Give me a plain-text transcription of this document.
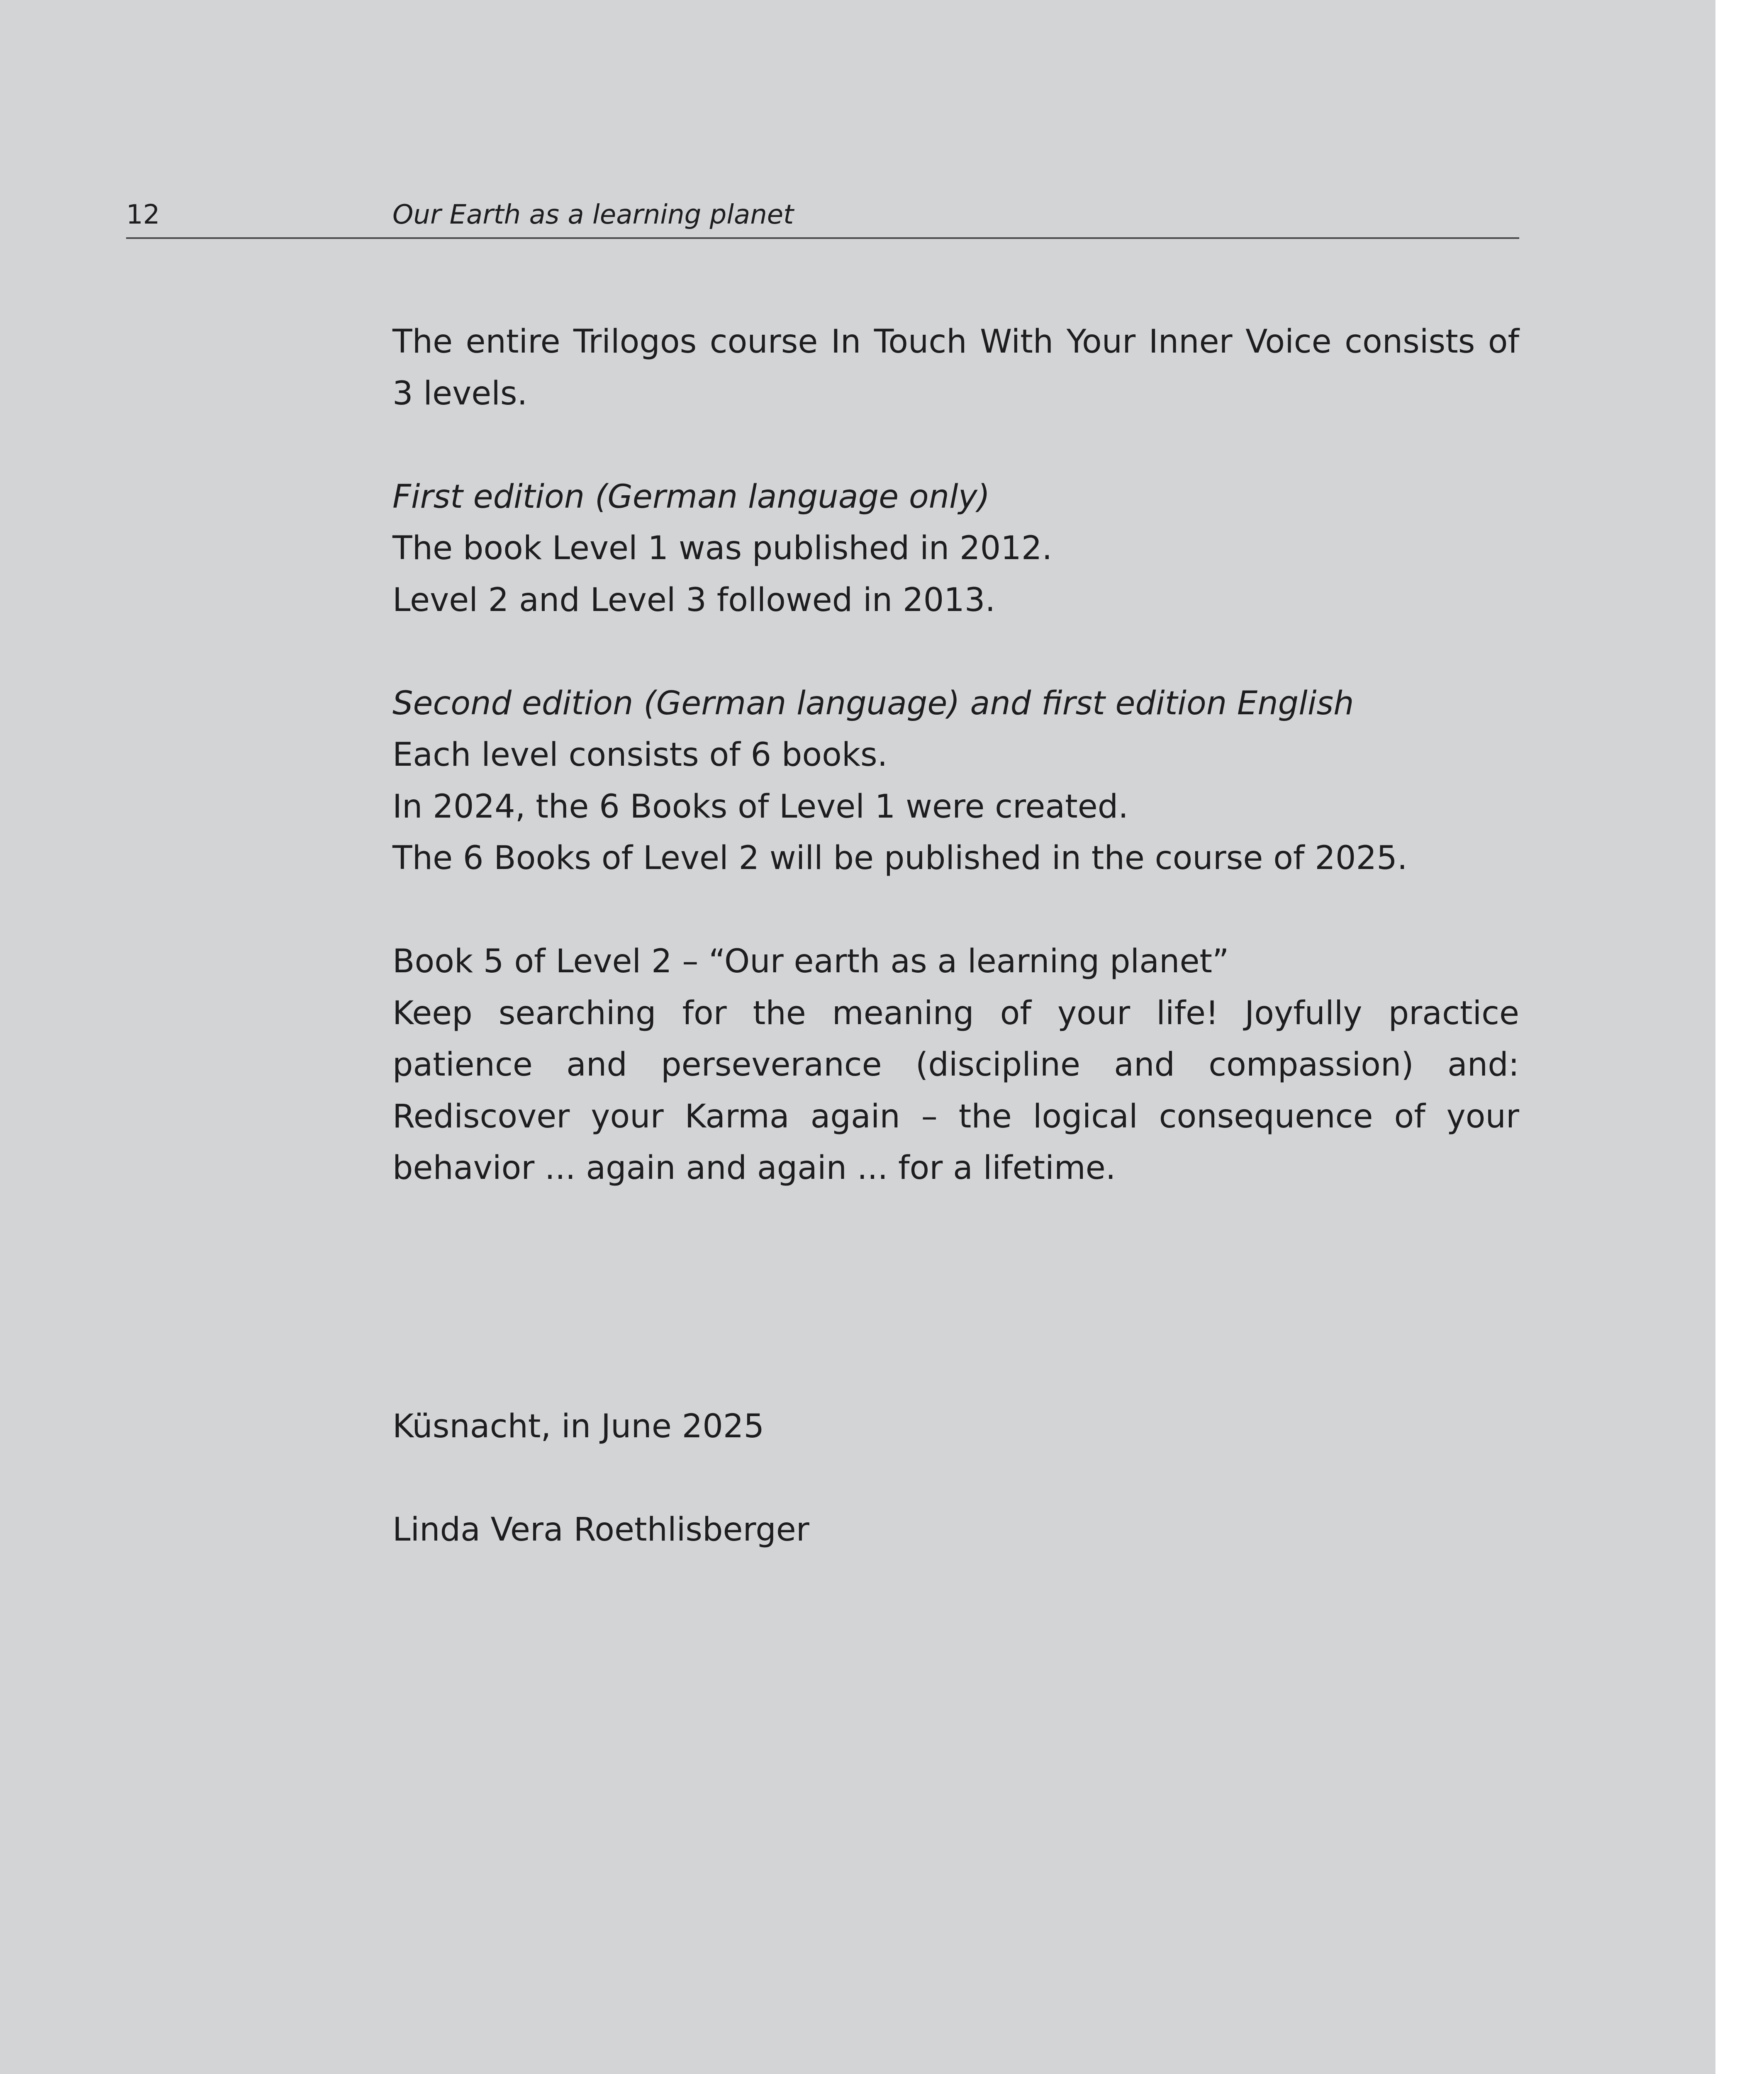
12	Our Earth as a learning planet

The entire Trilogos course In Touch With Your Inner Voice consists of 3 levels.

First edition (German language only)

The book Level 1 was published in 2012.

Level 2 and Level 3 followed in 2013.

Second edition (German language) and first edition English

Each level consists of 6 books.

In 2024, the 6 Books of Level 1 were created.

The 6 Books of Level 2 will be published in the course of 2025.

Book 5 of Level 2 – “Our earth as a learning planet”

Keep searching for the meaning of your life! Joyfully practice patience and perseverance (discipline and compassion) and: Rediscover your Karma again – the logical consequence of your behavior ... again and again ... for a lifetime.

Küsnacht, in June 2025

Linda Vera Roethlisberger
